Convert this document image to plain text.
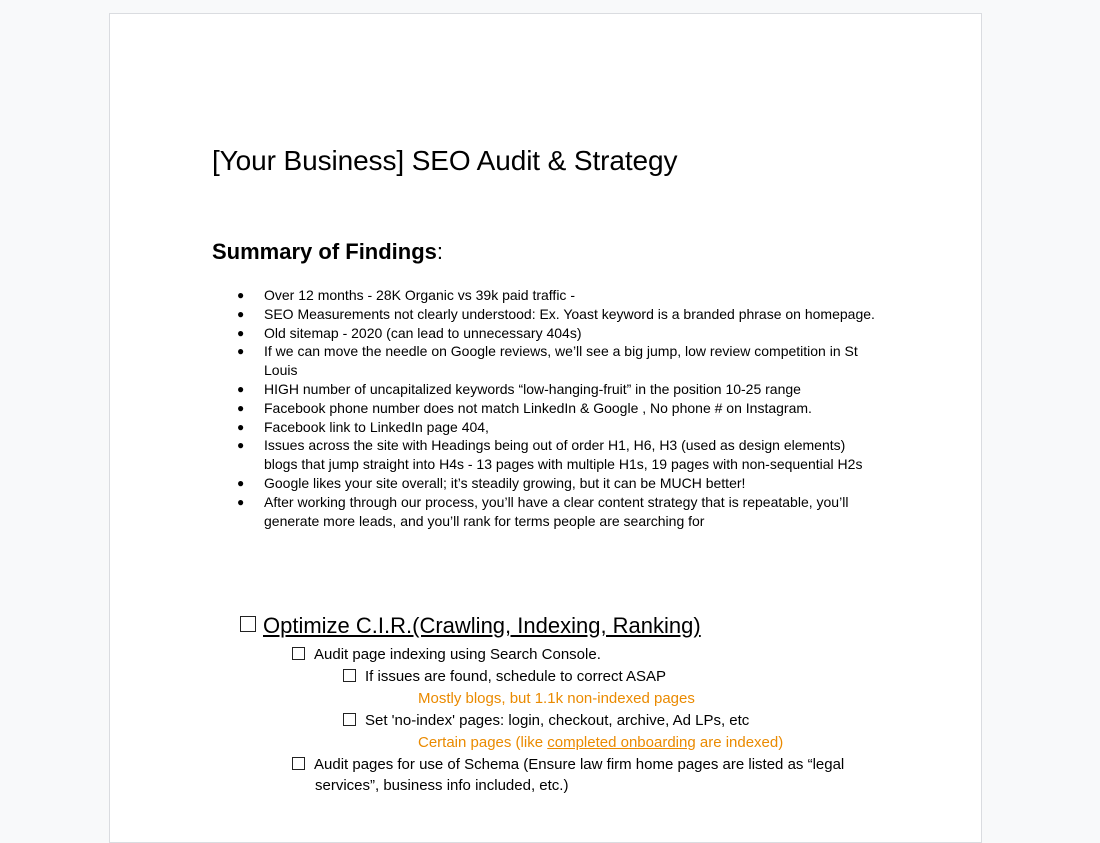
[Your Business] SEO Audit & Strategy
Summary of Findings:
● Over 12 months - 28K Organic vs 39k paid traffic -
● SEO Measurements not clearly understood: Ex. Yoast keyword is a branded phrase on homepage.
● Old sitemap - 2020 (can lead to unnecessary 404s)
● If we can move the needle on Google reviews, we’ll see a big jump, low review competition in St Louis
● HIGH number of uncapitalized keywords “low-hanging-fruit” in the position 10-25 range
● Facebook phone number does not match LinkedIn & Google , No phone # on Instagram.
● Facebook link to LinkedIn page 404,
● Issues across the site with Headings being out of order H1, H6, H3 (used as design elements) blogs that jump straight into H4s - 13 pages with multiple H1s, 19 pages with non-sequential H2s
● Google likes your site overall; it’s steadily growing, but it can be MUCH better!
● After working through our process, you’ll have a clear content strategy that is repeatable, you’ll generate more leads, and you’ll rank for terms people are searching for
Optimize C.I.R.(Crawling, Indexing, Ranking)
Audit page indexing using Search Console.
If issues are found, schedule to correct ASAP
Mostly blogs, but 1.1k non-indexed pages
Set 'no-index' pages: login, checkout, archive, Ad LPs, etc
Certain pages (like completed onboarding are indexed)
Audit pages for use of Schema (Ensure law firm home pages are listed as “legal
services”, business info included, etc.)
